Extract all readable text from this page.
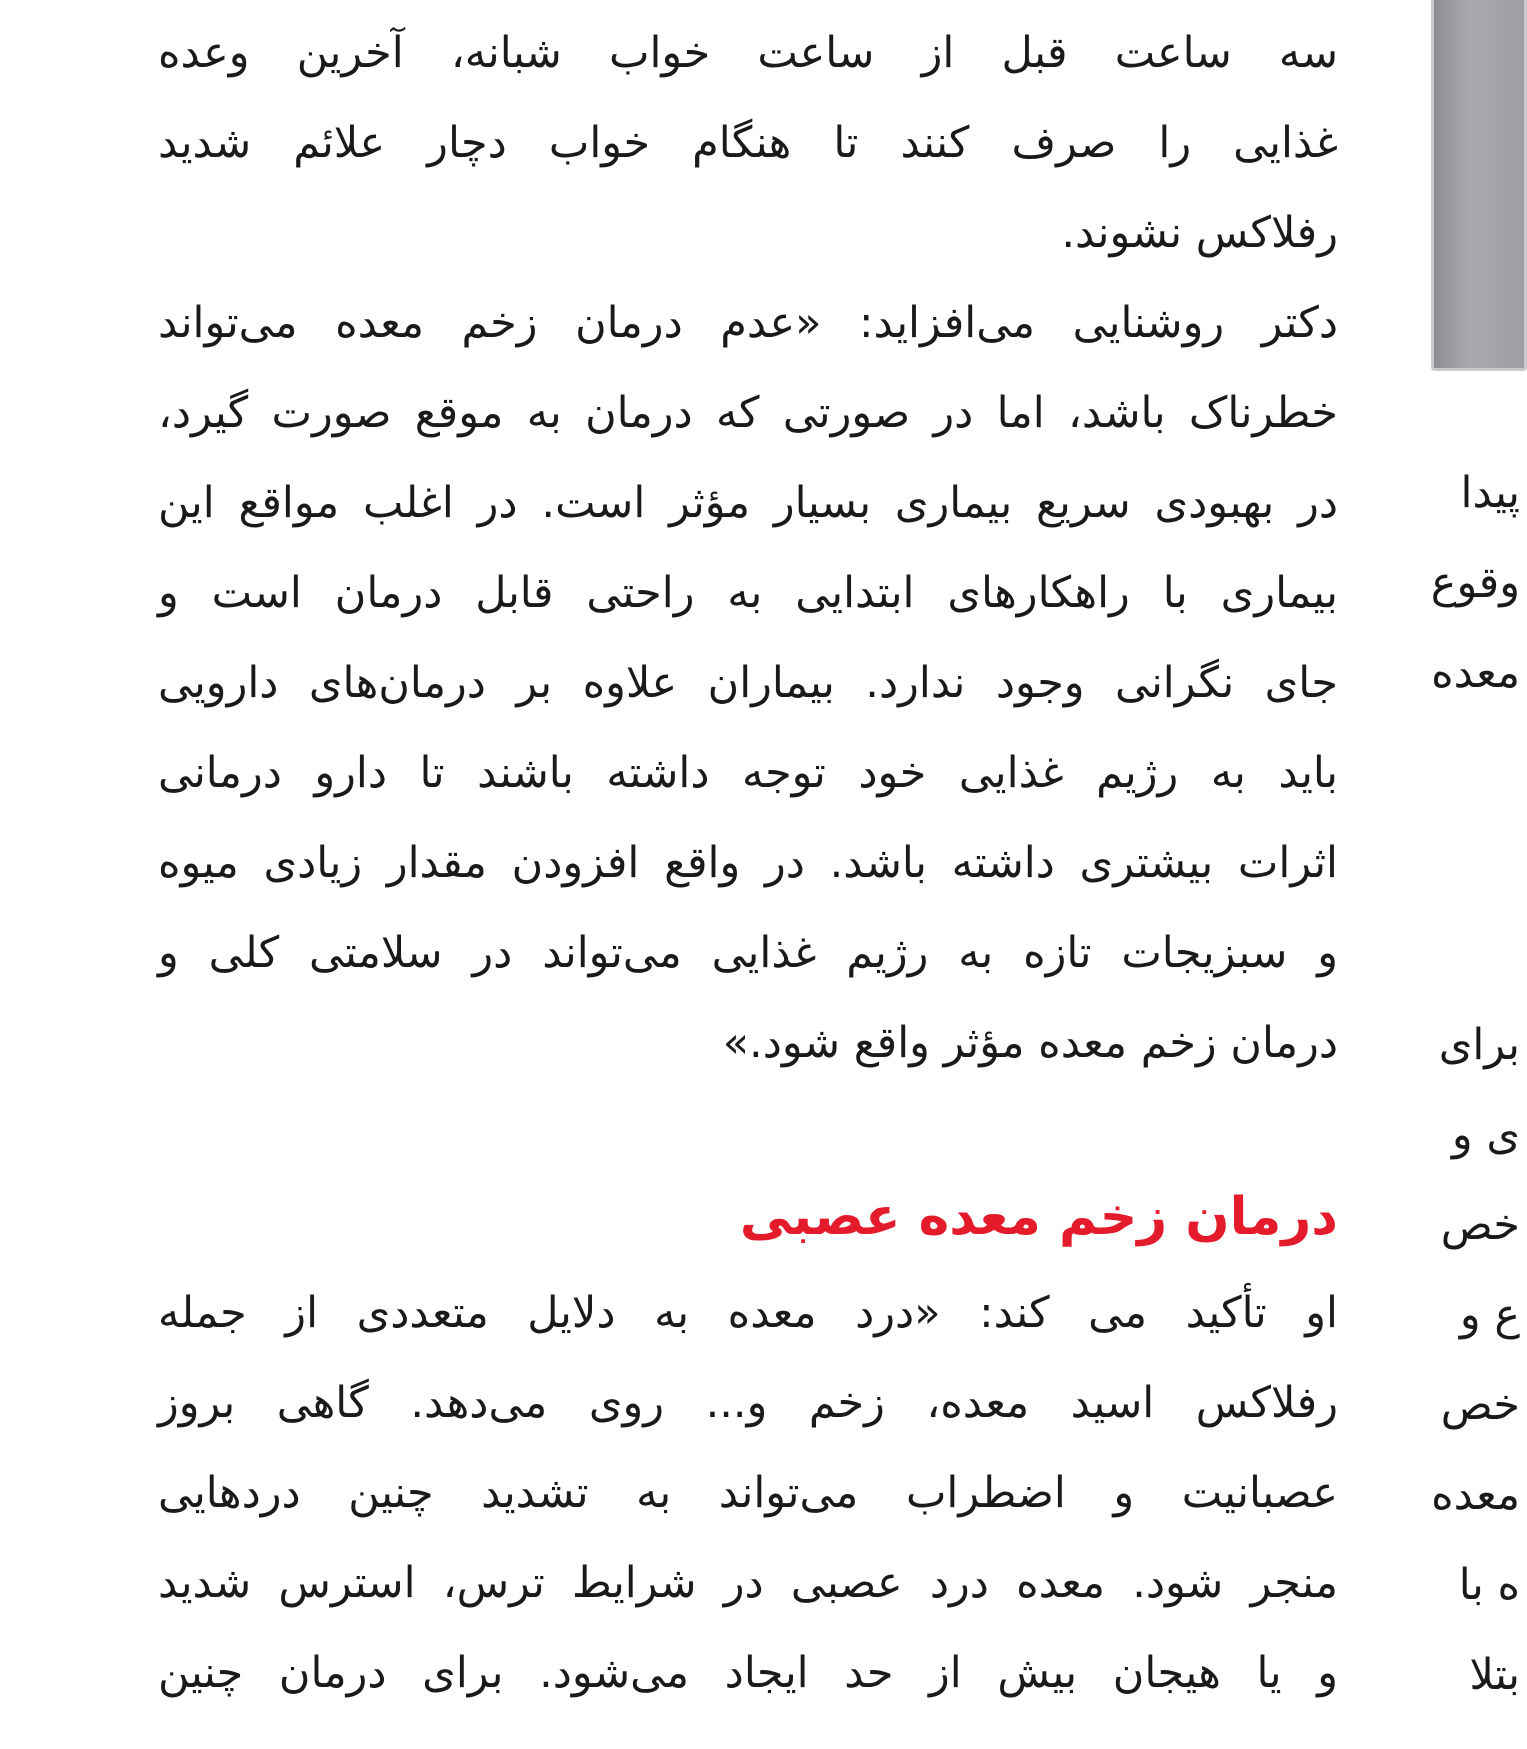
پیدا
وقوع
معده
برای
ی و
خص
ع و
خص
معده
ه با
بتلا
سه ساعت قبل از ساعت خواب شبانه، آخرین وعده
غذایی را صرف کنند تا هنگام خواب دچار علائم شدید
رفلاکس نشوند.
دکتر روشنایی می‌افزاید: «عدم درمان زخم معده می‌تواند
خطرناک باشد، اما در صورتی که درمان به موقع صورت گیرد،
در بهبودی سریع بیماری بسیار مؤثر است. در اغلب مواقع این
بیماری با راهکارهای ابتدایی به راحتی قابل درمان است و
جای نگرانی وجود ندارد. بیماران علاوه بر درمان‌های دارویی
باید به رژیم غذایی خود توجه داشته باشند تا دارو درمانی
اثرات بیشتری داشته باشد. در واقع افزودن مقدار زیادی میوه
و سبزیجات تازه به رژیم غذایی می‌تواند در سلامتی کلی و
درمان زخم معده مؤثر واقع شود.»
درمان زخم معده عصبی
او تأکید می کند: «درد معده به دلایل متعددی از جمله
رفلاکس اسید معده، زخم و... روی می‌دهد. گاهی بروز
عصبانیت و اضطراب می‌تواند به تشدید چنین دردهایی
منجر شود. معده درد عصبی در شرایط ترس، استرس شدید
و یا هیجان بیش از حد ایجاد می‌شود. برای درمان چنین
